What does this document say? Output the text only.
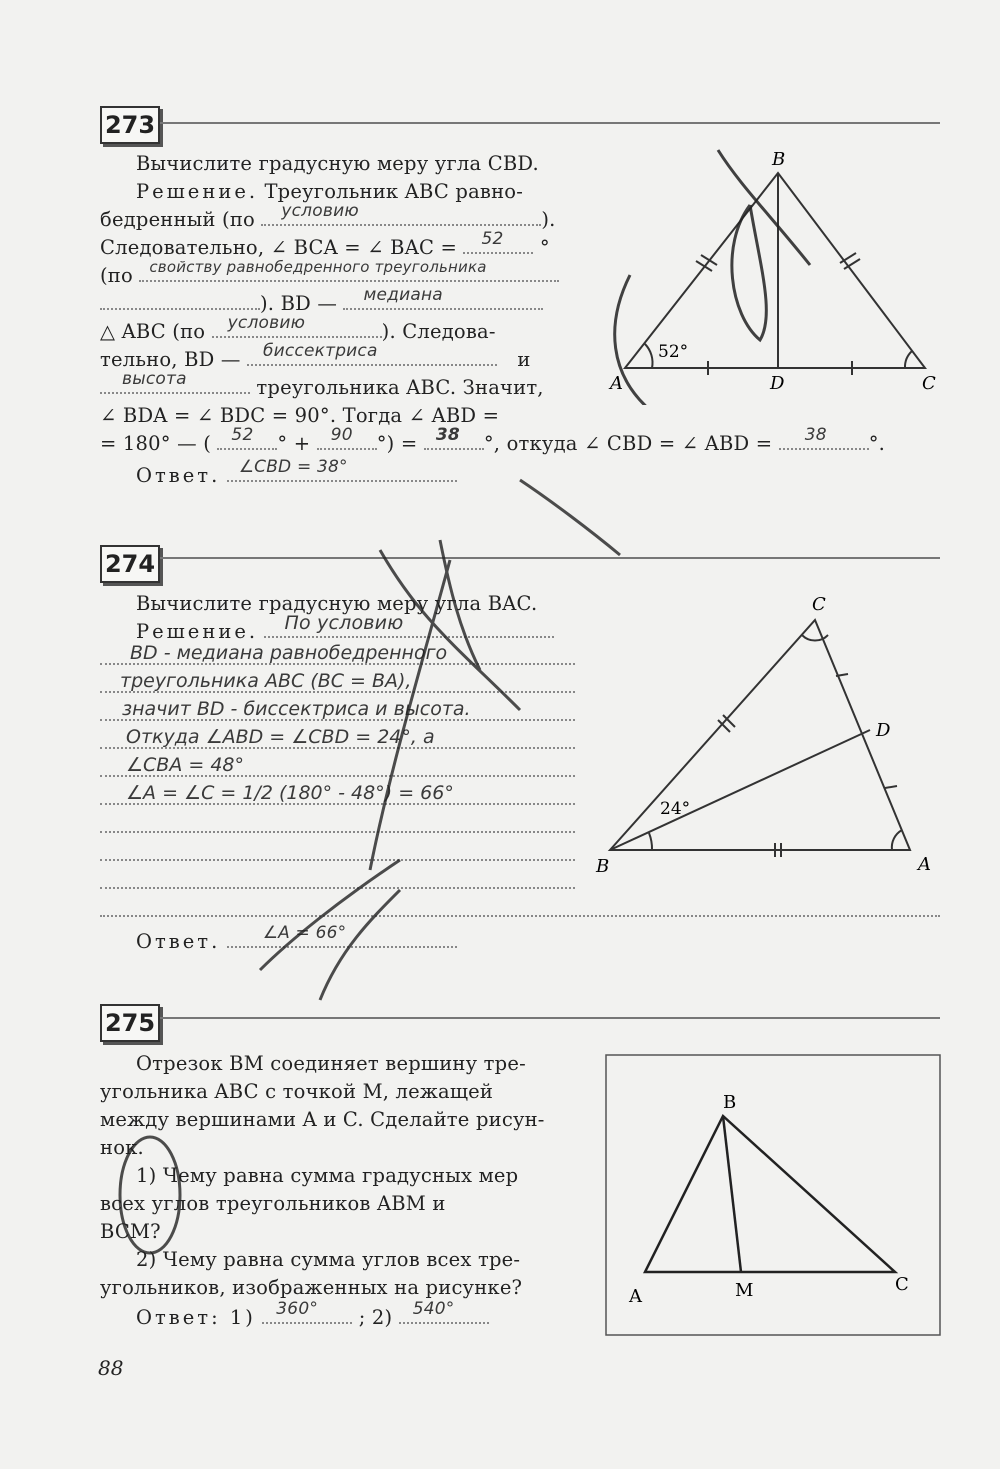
273
Вычислите градусную меру угла CBD.
Решение. Треугольник ABC равно-
бедренный (по условию	).
Следовательно, ∠ BCA = ∠ BAC = 52 °
(по свойству равнобедренного треугольника
). BD — медиана
△ ABC (по условию	). Следова-
тельно, BD — биссектриса	и
высота	треугольника ABC. Значит,
∠ BDA = ∠ BDC = 90°. Тогда ∠ ABD =
= 180° — ( 52 ° + 90 °) = 38 °, откуда ∠ CBD = ∠ ABD = 38 °.
Ответ. ∠CBD = 38°
B
D
A	C
52°
274
Вычислите градусную меру угла BAC.
Решение. По условию
BD - медиана равнобедренного
треугольника ABC (BC = BA),
значит BD - биссектриса и высота.
Откуда ∠ABD = ∠CBD = 24°, а
∠CBA = 48°
∠A = ∠C = 1/2 (180° - 48°) = 66°
Ответ. ∠A = 66°
C
D
B	A
24°
275
Отрезок BM соединяет вершину тре-
угольника ABC с точкой M, лежащей
между вершинами A и C. Сделайте рисун-
нок.
1) Чему равна сумма градусных мер
всех углов треугольников ABM и
BCM?
2) Чему равна сумма углов всех тре-
угольников, изображенных на рисунке?
Ответ: 1) 360° ; 2) 540°
B
A	M	C
88
